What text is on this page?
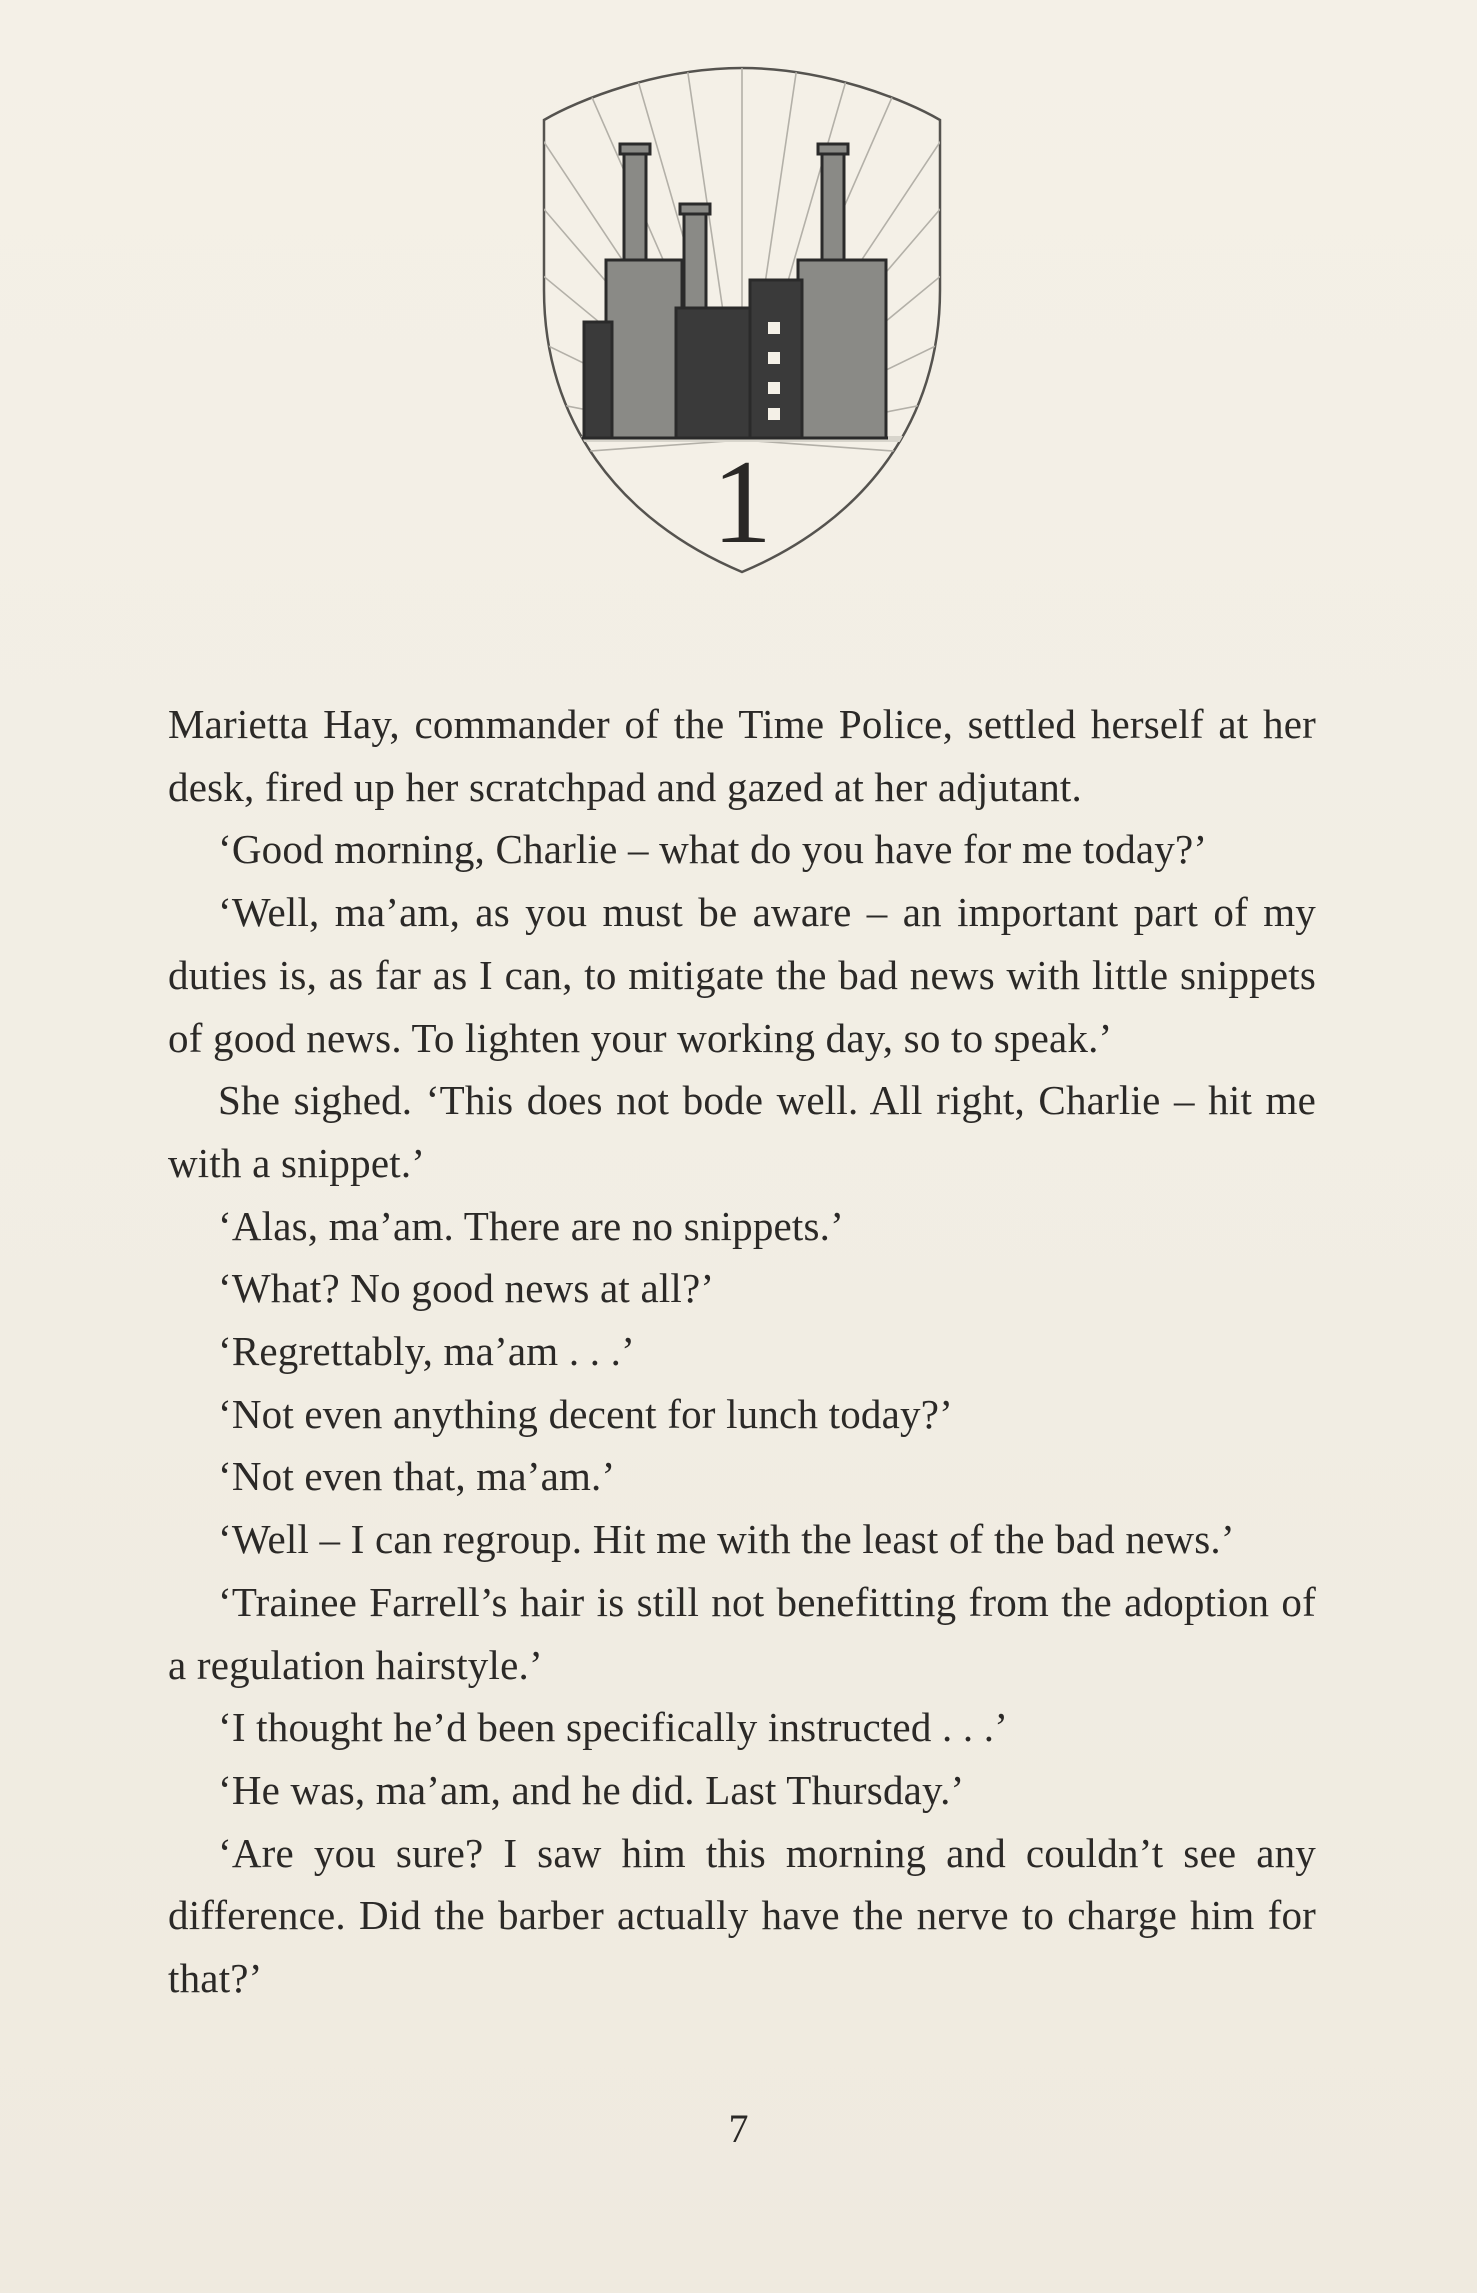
1

Marietta Hay, commander of the Time Police, settled herself at her desk, fired up her scratchpad and gazed at her adjutant.

‘Good morning, Charlie – what do you have for me today?’

‘Well, ma’am, as you must be aware – an important part of my duties is, as far as I can, to mitigate the bad news with little snippets of good news. To lighten your working day, so to speak.’

She sighed. ‘This does not bode well. All right, Charlie – hit me with a snippet.’

‘Alas, ma’am. There are no snippets.’

‘What? No good news at all?’

‘Regrettably, ma’am . . .’

‘Not even anything decent for lunch today?’

‘Not even that, ma’am.’

‘Well – I can regroup. Hit me with the least of the bad news.’

‘Trainee Farrell’s hair is still not benefitting from the adoption of a regulation hairstyle.’

‘I thought he’d been specifically instructed . . .’

‘He was, ma’am, and he did. Last Thursday.’

‘Are you sure? I saw him this morning and couldn’t see any difference. Did the barber actually have the nerve to charge him for that?’

7
